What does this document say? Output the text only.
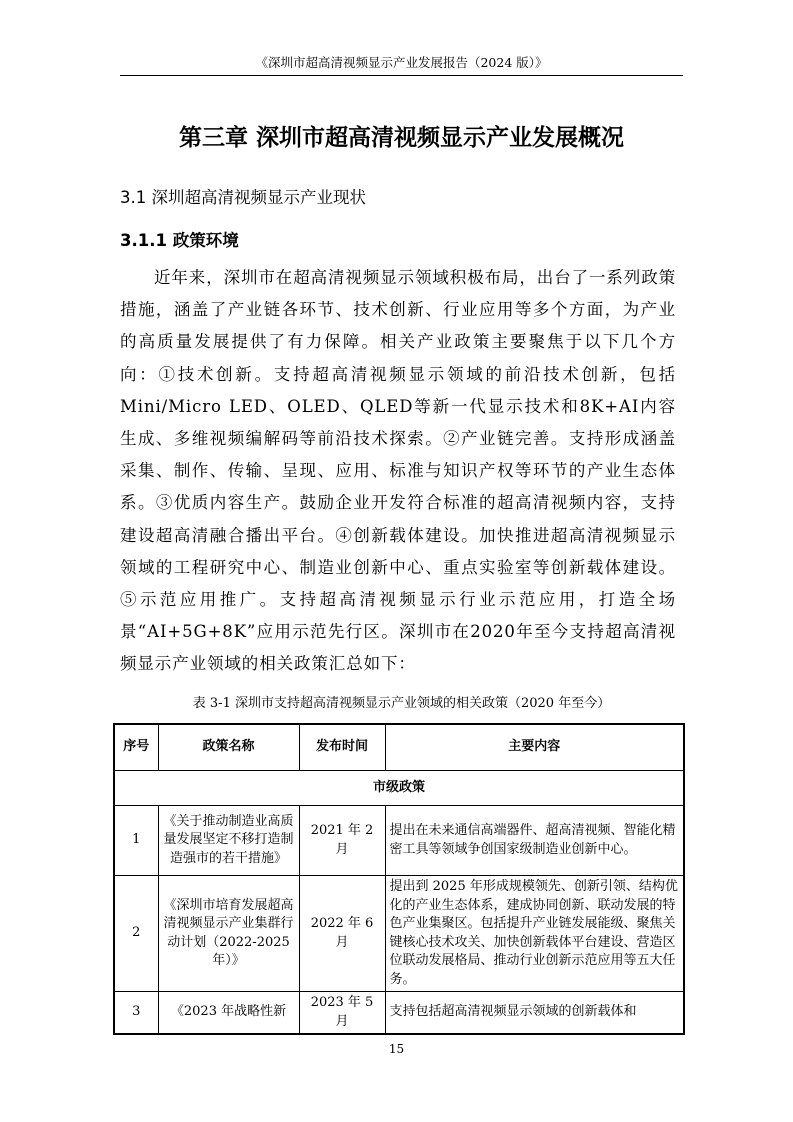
《深圳市超高清视频显示产业发展报告（2024 版）》
第三章 深圳市超高清视频显示产业发展概况
3.1 深圳超高清视频显示产业现状
3.1.1 政策环境

近年来，深圳市在超高清视频显示领域积极布局，出台了一系列政策措施，涵盖了产业链各环节、技术创新、行业应用等多个方面，为产业的高质量发展提供了有力保障。相关产业政策主要聚焦于以下几个方向：①技术创新。支持超高清视频显示领域的前沿技术创新，包括Mini/Micro LED、OLED、QLED等新一代显示技术和8K+AI内容生成、多维视频编解码等前沿技术探索。②产业链完善。支持形成涵盖采集、制作、传输、呈现、应用、标准与知识产权等环节的产业生态体系。③优质内容生产。鼓励企业开发符合标准的超高清视频内容，支持建设超高清融合播出平台。④创新载体建设。加快推进超高清视频显示领域的工程研究中心、制造业创新中心、重点实验室等创新载体建设。⑤示范应用推广。支持超高清视频显示行业示范应用，打造全场景“AI+5G+8K”应用示范先行区。深圳市在2020年至今支持超高清视频显示产业领域的相关政策汇总如下：

表 3-1 深圳市支持超高清视频显示产业领域的相关政策（2020 年至今）
序号	政策名称	发布时间	主要内容
市级政策			
1	《关于推动制造业高质量发展坚定不移打造制造强市的若干措施》	2021 年 2 月	提出在未来通信高端器件、超高清视频、智能化精密工具等领域争创国家级制造业创新中心。
2	《深圳市培育发展超高清视频显示产业集群行动计划（2022-2025 年）》	2022 年 6 月	提出到 2025 年形成规模领先、创新引领、结构优化的产业生态体系，建成协同创新、联动发展的特色产业集聚区。包括提升产业链发展能级、聚焦关键核心技术攻关、加快创新载体平台建设、营造区位联动发展格局、推动行业创新示范应用等五大任务。
3	《2023 年战略性新	2023 年 5 月	支持包括超高清视频显示领域的创新载体和
15
